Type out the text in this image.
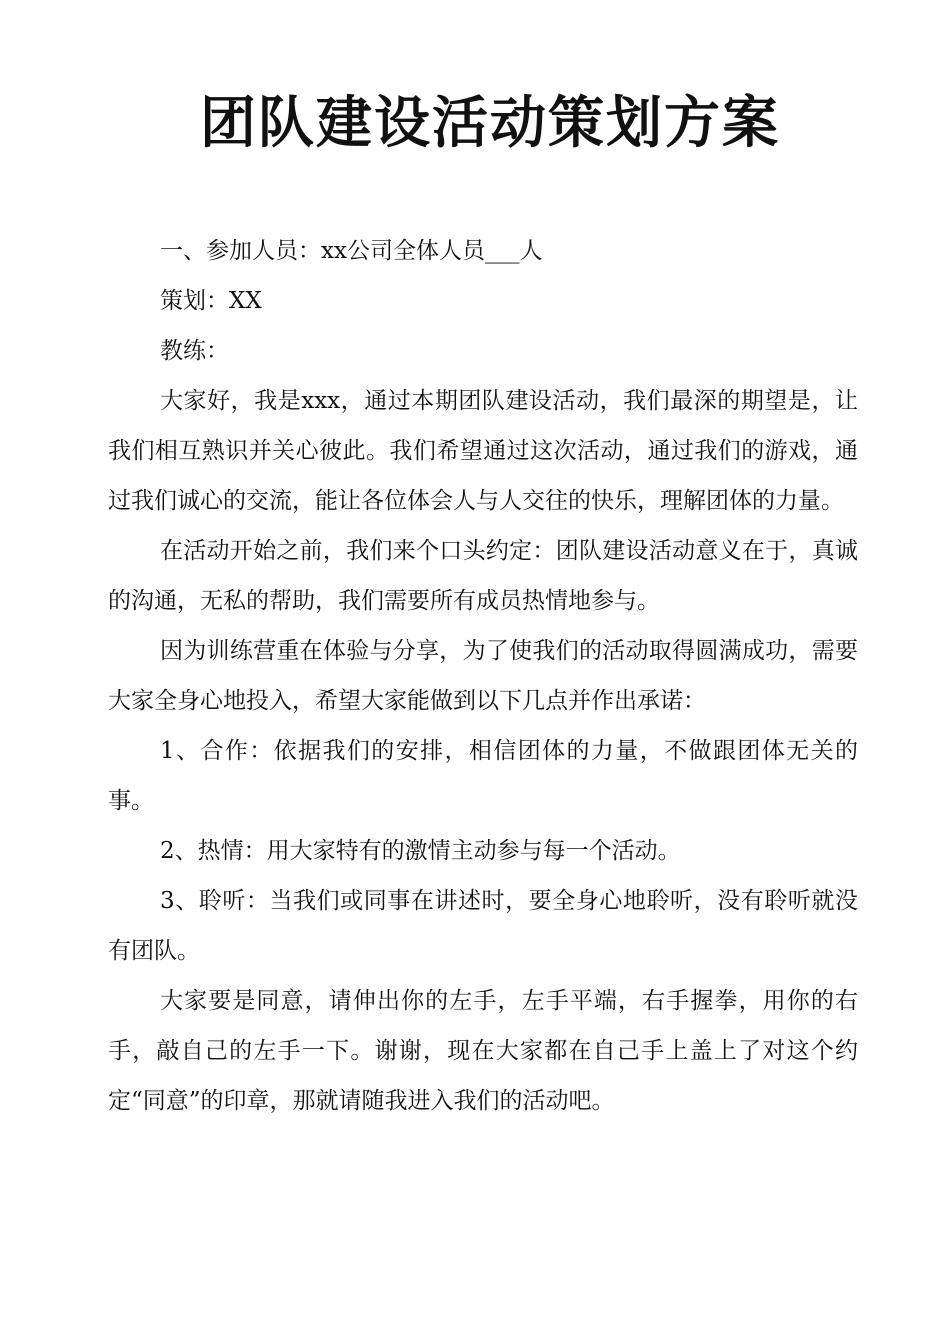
团队建设活动策划方案

一、参加人员：xx公司全体人员___人

策划：XX

教练：

大家好，我是xxx，通过本期团队建设活动，我们最深的期望是，让我们相互熟识并关心彼此。我们希望通过这次活动，通过我们的游戏，通过我们诚心的交流，能让各位体会人与人交往的快乐，理解团体的力量。

在活动开始之前，我们来个口头约定：团队建设活动意义在于，真诚的沟通，无私的帮助，我们需要所有成员热情地参与。

因为训练营重在体验与分享，为了使我们的活动取得圆满成功，需要大家全身心地投入，希望大家能做到以下几点并作出承诺：

1、合作：依据我们的安排，相信团体的力量，不做跟团体无关的事。

2、热情：用大家特有的激情主动参与每一个活动。

3、聆听：当我们或同事在讲述时，要全身心地聆听，没有聆听就没有团队。

大家要是同意，请伸出你的左手，左手平端，右手握拳，用你的右手，敲自己的左手一下。谢谢，现在大家都在自己手上盖上了对这个约定“同意”的印章，那就请随我进入我们的活动吧。
